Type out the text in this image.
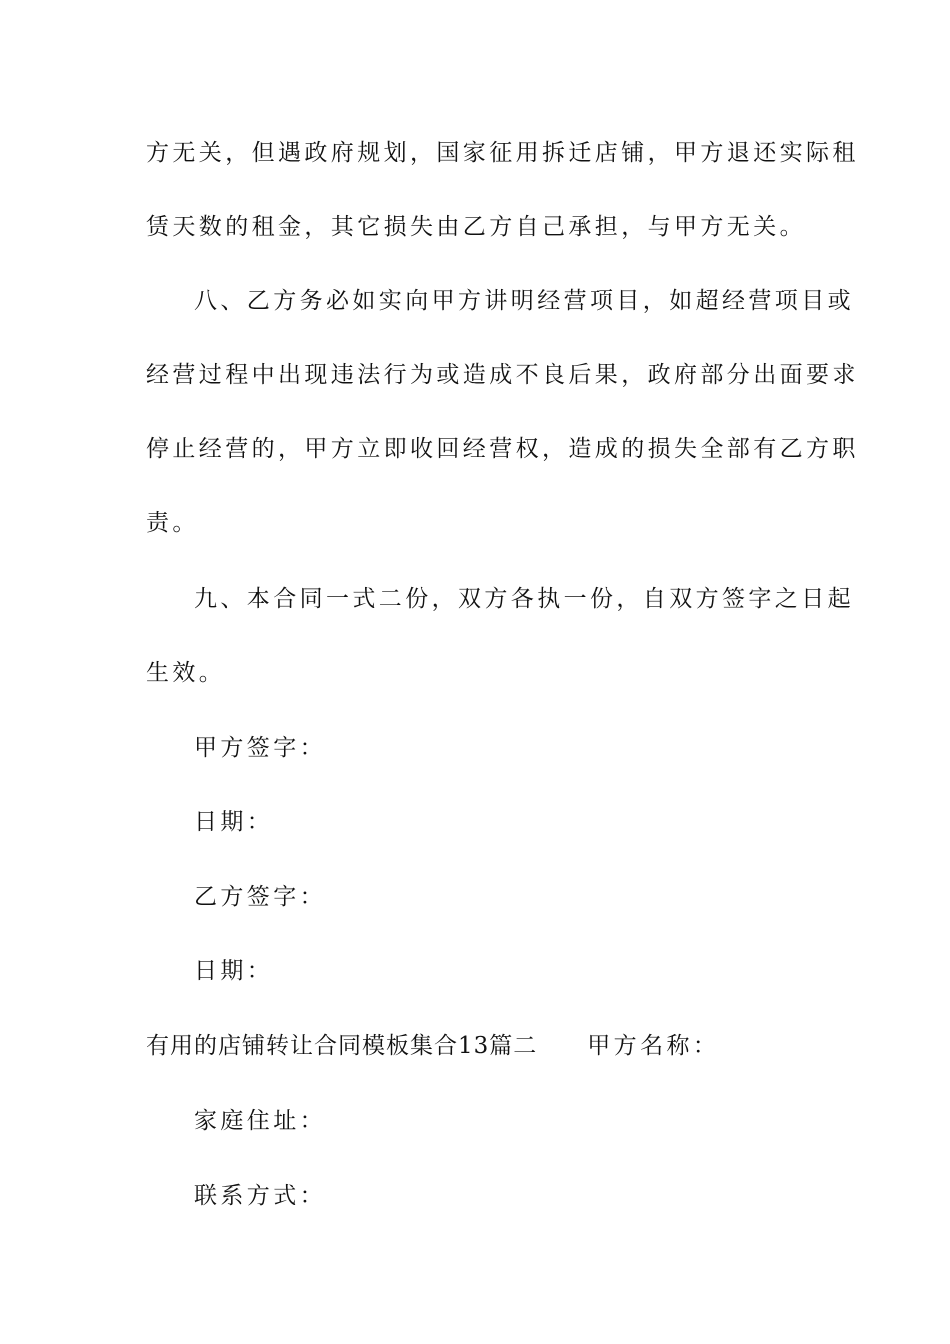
方无关，但遇政府规划，国家征用拆迁店铺，甲方退还实际租
赁天数的租金，其它损失由乙方自己承担，与甲方无关。
八、乙方务必如实向甲方讲明经营项目，如超经营项目或
经营过程中出现违法行为或造成不良后果，政府部分出面要求
停止经营的，甲方立即收回经营权，造成的损失全部有乙方职
责。
九、本合同一式二份，双方各执一份，自双方签字之日起
生效。
甲方签字：
日期：
乙方签字：
日期：
有用的店铺转让合同模板集合13篇二 甲方名称：
家庭住址：
联系方式：
